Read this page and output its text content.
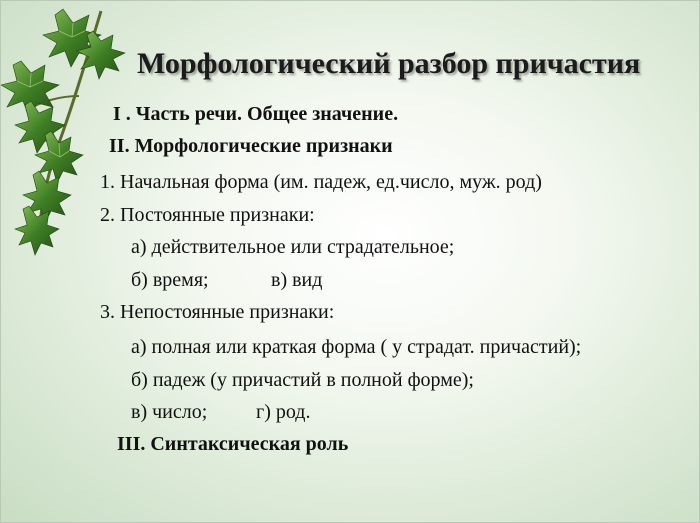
Морфологический разбор причастия
I . Часть речи. Общее значение.
II. Морфологические признаки
1. Начальная форма (им. падеж, ед.число, муж. род)
2. Постоянные признаки:
а) действительное или страдательное;
б) время;	в) вид
3. Непостоянные признаки:
а) полная или краткая форма ( у страдат. причастий);
б) падеж (у причастий в полной форме);
в) число; г) род.
III. Синтаксическая роль
